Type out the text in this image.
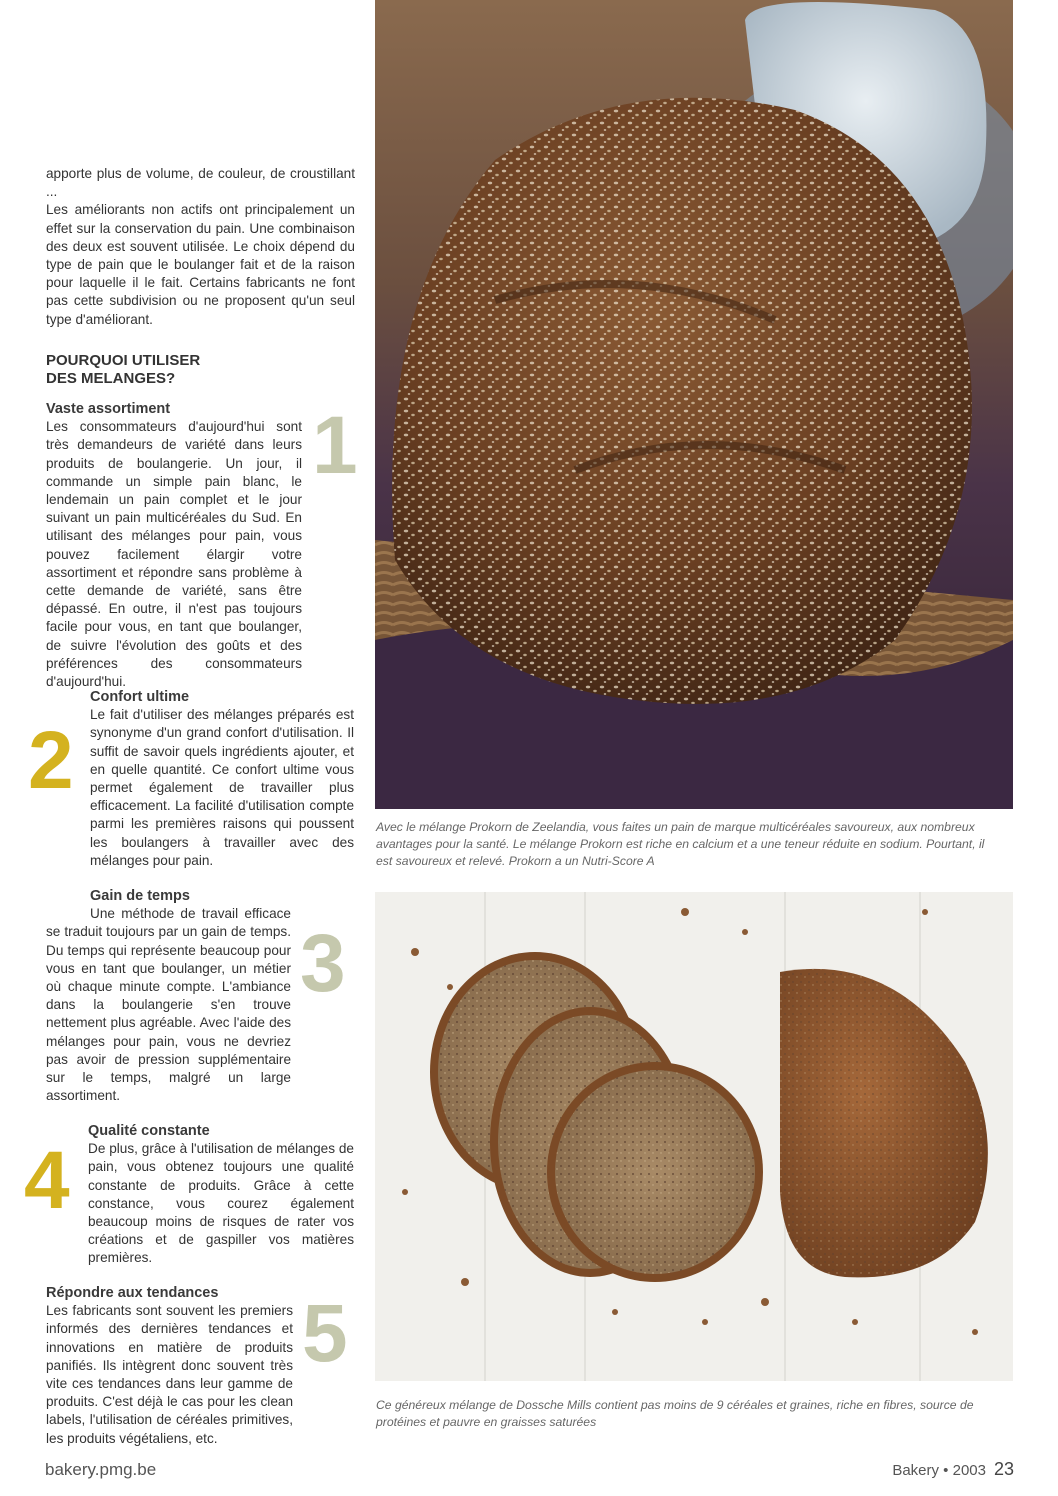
apporte plus de volume, de couleur, de croustillant ...

Les améliorants non actifs ont principalement un effet sur la conservation du pain. Une combinaison des deux est souvent utilisée. Le choix dépend du type de pain que le boulanger fait et de la raison pour laquelle il le fait. Certains fabricants ne font pas cette subdivision ou ne proposent qu'un seul type d'améliorant.

POURQUOI UTILISER
DES MELANGES?
Vaste assortiment

Les consommateurs d'aujourd'hui sont très demandeurs de variété dans leurs produits de boulangerie. Un jour, il commande un simple pain blanc, le lendemain un pain complet et le jour suivant un pain multicéréales du Sud. En utilisant des mélanges pour pain, vous pouvez facilement élargir votre assortiment et répondre sans problème à cette demande de variété, sans être dépassé. En outre, il n'est pas toujours facile pour vous, en tant que boulanger, de suivre l'évolution des goûts et des préférences des consommateurs d'aujourd'hui.

1
2
Confort ultime

Le fait d'utiliser des mélanges préparés est synonyme d'un grand confort d'utilisation. Il suffit de savoir quels ingrédients ajouter, et en quelle quantité. Ce confort ultime vous permet également de travailler plus efficacement. La facilité d'utilisation compte parmi les premières raisons qui poussent les boulangers à travailler avec des mélanges pour pain.

Gain de temps

Une méthode de travail efficace se traduit toujours par un gain de temps. Du temps qui représente beaucoup pour vous en tant que boulanger, un métier où chaque minute compte. L'ambiance dans la boulangerie s'en trouve nettement plus agréable. Avec l'aide des mélanges pour pain, vous ne devriez pas avoir de pression supplémentaire sur le temps, malgré un large assortiment.

3
4
Qualité constante

De plus, grâce à l'utilisation de mélanges de pain, vous obtenez toujours une qualité constante de produits. Grâce à cette constance, vous courez également beaucoup moins de risques de rater vos créations et de gaspiller vos matières premières.

Répondre aux tendances

Les fabricants sont souvent les premiers informés des dernières tendances et innovations en matière de produits panifiés. Ils intègrent donc souvent très vite ces tendances dans leur gamme de produits. C'est déjà le cas pour les clean labels, l'utilisation de céréales primitives, les produits végétaliens, etc.

5
Avec le mélange Prokorn de Zeelandia, vous faites un pain de marque multicéréales savoureux, aux nombreux avantages pour la santé. Le mélange Prokorn est riche en calcium et a une teneur réduite en sodium. Pourtant, il est savoureux et relevé. Prokorn a un Nutri-Score A
Ce généreux mélange de Dossche Mills contient pas moins de 9 céréales et graines, riche en fibres, source de protéines et pauvre en graisses saturées
bakery.pmg.be	Bakery • 2003 23
